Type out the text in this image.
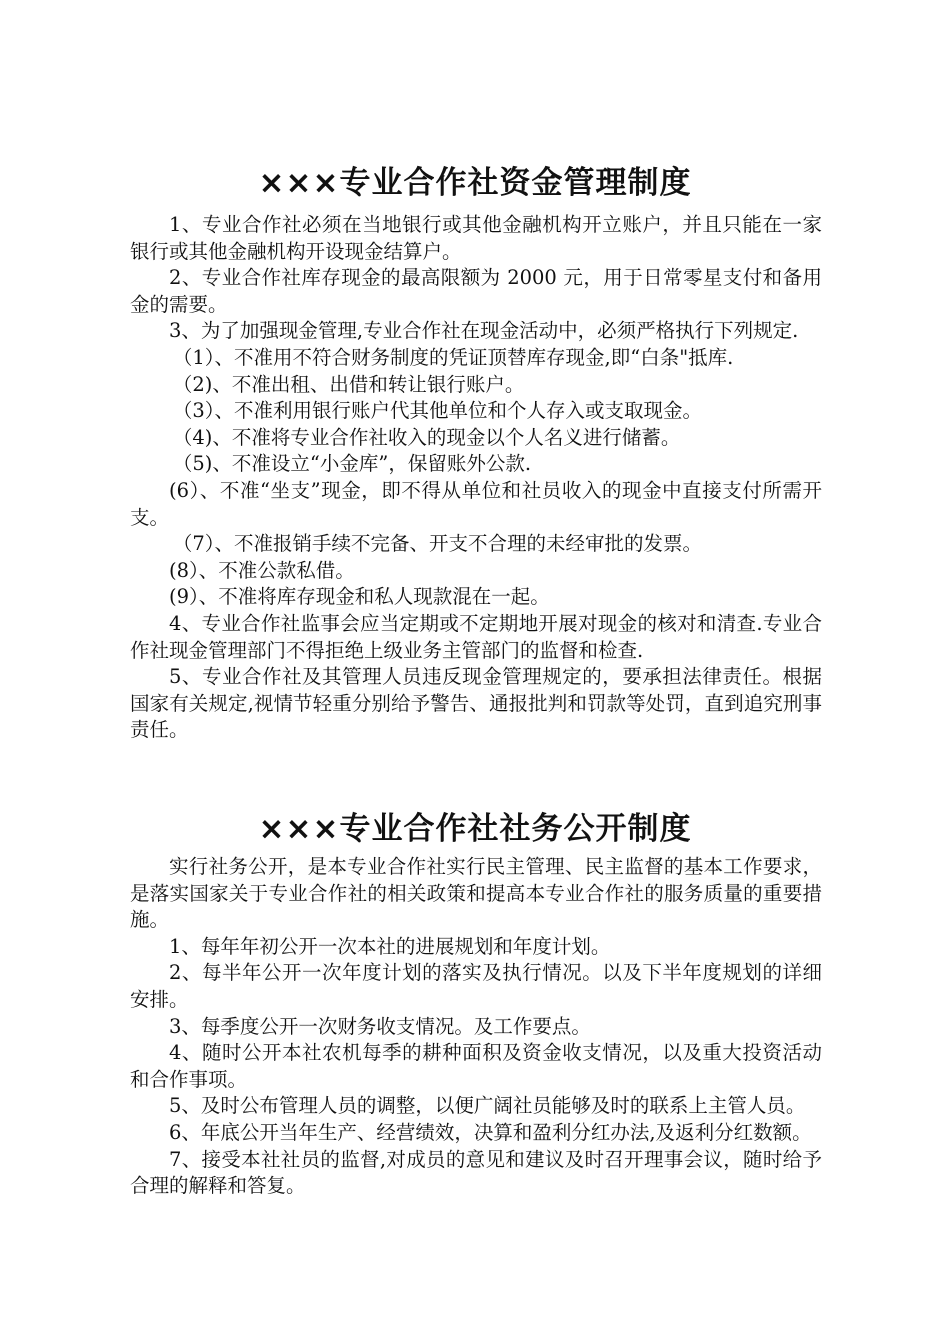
×××专业合作社资金管理制度

1、专业合作社必须在当地银行或其他金融机构开立账户，并且只能在一家银行或其他金融机构开设现金结算户。

2、专业合作社库存现金的最高限额为 2000 元，用于日常零星支付和备用金的需要。

3、为了加强现金管理,专业合作社在现金活动中，必须严格执行下列规定.

（1）、不准用不符合财务制度的凭证顶替库存现金,即“白条"抵库.

（2)、不准出租、出借和转让银行账户。

（3）、不准利用银行账户代其他单位和个人存入或支取现金。

（4)、不准将专业合作社收入的现金以个人名义进行储蓄。

（5)、不准设立“小金库”，保留账外公款.

(6）、不准“坐支”现金，即不得从单位和社员收入的现金中直接支付所需开支。

（7）、不准报销手续不完备、开支不合理的未经审批的发票。

(8）、不准公款私借。

(9）、不准将库存现金和私人现款混在一起。

4、专业合作社监事会应当定期或不定期地开展对现金的核对和清查.专业合作社现金管理部门不得拒绝上级业务主管部门的监督和检查.

5、专业合作社及其管理人员违反现金管理规定的，要承担法律责任。根据国家有关规定,视情节轻重分别给予警告、通报批判和罚款等处罚，直到追究刑事责任。

×××专业合作社社务公开制度

实行社务公开，是本专业合作社实行民主管理、民主监督的基本工作要求，是落实国家关于专业合作社的相关政策和提高本专业合作社的服务质量的重要措施。

1、每年年初公开一次本社的进展规划和年度计划。

2、每半年公开一次年度计划的落实及执行情况。以及下半年度规划的详细安排。

3、每季度公开一次财务收支情况。及工作要点。

4、随时公开本社农机每季的耕种面积及资金收支情况，以及重大投资活动和合作事项。

5、及时公布管理人员的调整，以便广阔社员能够及时的联系上主管人员。

6、年底公开当年生产、经营绩效，决算和盈利分红办法,及返利分红数额。

7、接受本社社员的监督,对成员的意见和建议及时召开理事会议，随时给予合理的解释和答复。
